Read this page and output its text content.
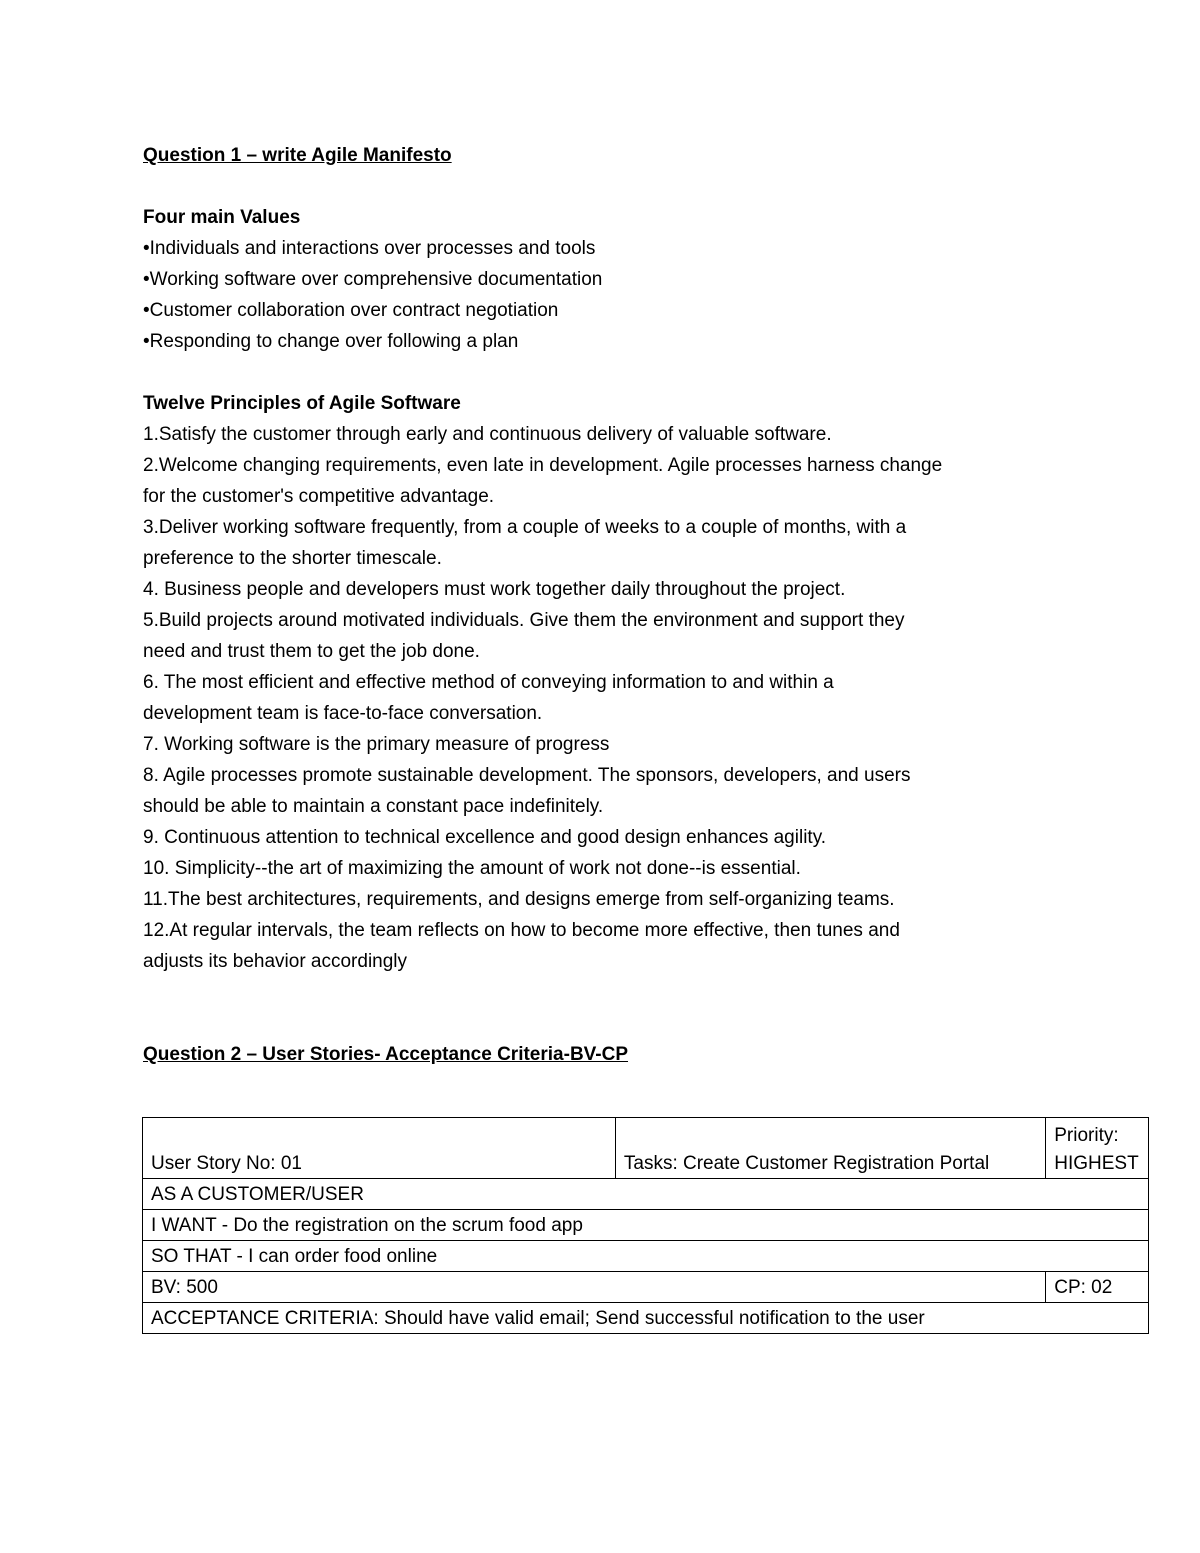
Question 1 – write Agile Manifesto
Four main Values
•Individuals and interactions over processes and tools
•Working software over comprehensive documentation
•Customer collaboration over contract negotiation
•Responding to change over following a plan
Twelve Principles of Agile Software
1.Satisfy the customer through early and continuous delivery of valuable software.
2.Welcome changing requirements, even late in development. Agile processes harness change
for the customer's competitive advantage.
3.Deliver working software frequently, from a couple of weeks to a couple of months, with a
preference to the shorter timescale.
4. Business people and developers must work together daily throughout the project.
5.Build projects around motivated individuals. Give them the environment and support they
need and trust them to get the job done.
6. The most efficient and effective method of conveying information to and within a
development team is face-to-face conversation.
7. Working software is the primary measure of progress
8. Agile processes promote sustainable development. The sponsors, developers, and users
should be able to maintain a constant pace indefinitely.
9. Continuous attention to technical excellence and good design enhances agility.
10. Simplicity--the art of maximizing the amount of work not done--is essential.
11.The best architectures, requirements, and designs emerge from self-organizing teams.
12.At regular intervals, the team reflects on how to become more effective, then tunes and
adjusts its behavior accordingly
Question 2 – User Stories- Acceptance Criteria-BV-CP
User Story No: 01	Tasks: Create Customer Registration Portal	Priority:
HIGHEST

AS A CUSTOMER/USER		
I WANT - Do the registration on the scrum food app		
SO THAT - I can order food online		
BV: 500		CP: 02
ACCEPTANCE CRITERIA: Should have valid email; Send successful notification to the user		
